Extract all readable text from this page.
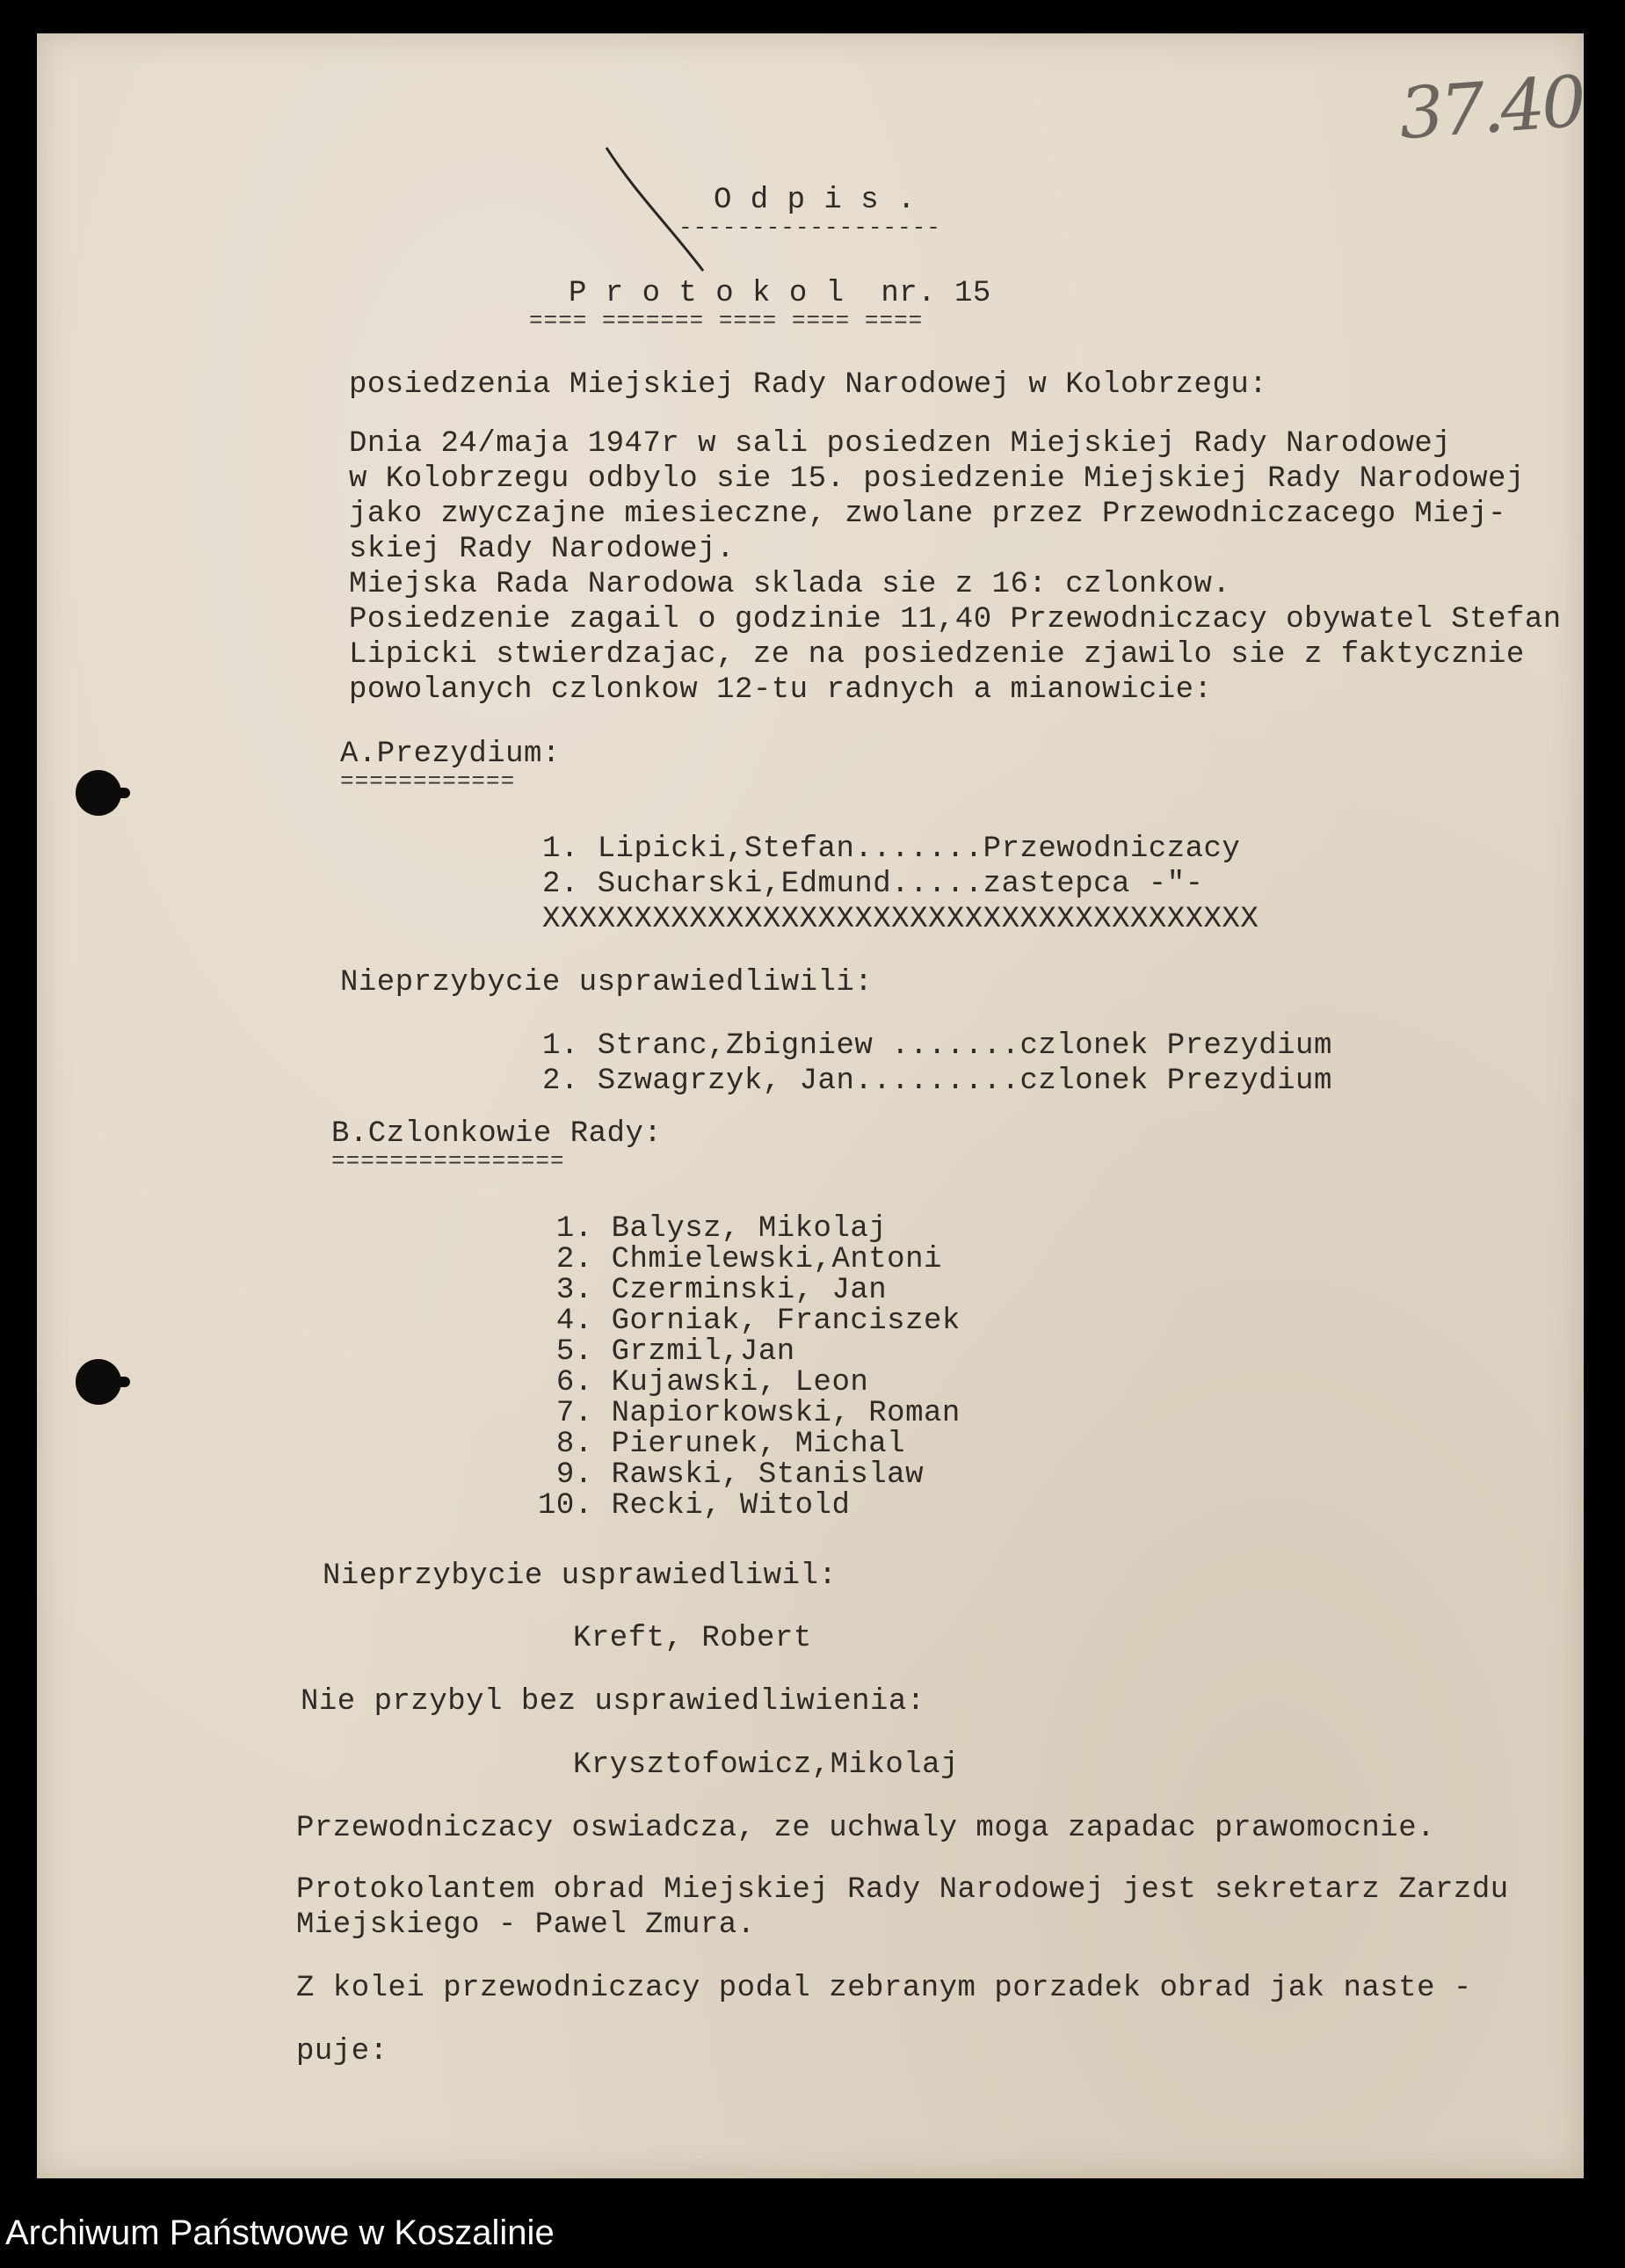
37.40
O d p i s .
------------------
P r o t o k o l  nr. 15
==== ======= ==== ==== ====
posiedzenia Miejskiej Rady Narodowej w Kolobrzegu:
Dnia 24/maja 1947r w sali posiedzen Miejskiej Rady Narodowej
w Kolobrzegu odbylo sie 15. posiedzenie Miejskiej Rady Narodowej
jako zwyczajne miesieczne, zwolane przez Przewodniczacego Miej-
skiej Rady Narodowej.
Miejska Rada Narodowa sklada sie z 16: czlonkow.
Posiedzenie zagail o godzinie 11,40 Przewodniczacy obywatel Stefan
Lipicki stwierdzajac, ze na posiedzenie zjawilo sie z faktycznie
powolanych czlonkow 12-tu radnych a mianowicie:
A.Prezydium:
============
1. Lipicki,Stefan.......Przewodniczacy
2. Sucharski,Edmund.....zastepca -"-
XXXXXXXXXXXXXXXXXXXXXXXXXXXXXXXXXXXXXXX
Nieprzybycie usprawiedliwili:
1. Stranc,Zbigniew .......czlonek Prezydium
2. Szwagrzyk, Jan.........czlonek Prezydium
B.Czlonkowie Rady:
================
1. Balysz, Mikolaj
2. Chmielewski,Antoni
3. Czerminski, Jan
4. Gorniak, Franciszek
5. Grzmil,Jan
6. Kujawski, Leon
7. Napiorkowski, Roman
8. Pierunek, Michal
9. Rawski, Stanislaw
10. Recki, Witold
Nieprzybycie usprawiedliwil:
Kreft, Robert
Nie przybyl bez usprawiedliwienia:
Krysztofowicz,Mikolaj
Przewodniczacy oswiadcza, ze uchwaly moga zapadac prawomocnie.
Protokolantem obrad Miejskiej Rady Narodowej jest sekretarz Zarzdu
Miejskiego - Pawel Zmura.
Z kolei przewodniczacy podal zebranym porzadek obrad jak naste -
puje:
Archiwum Państwowe w Koszalinie
